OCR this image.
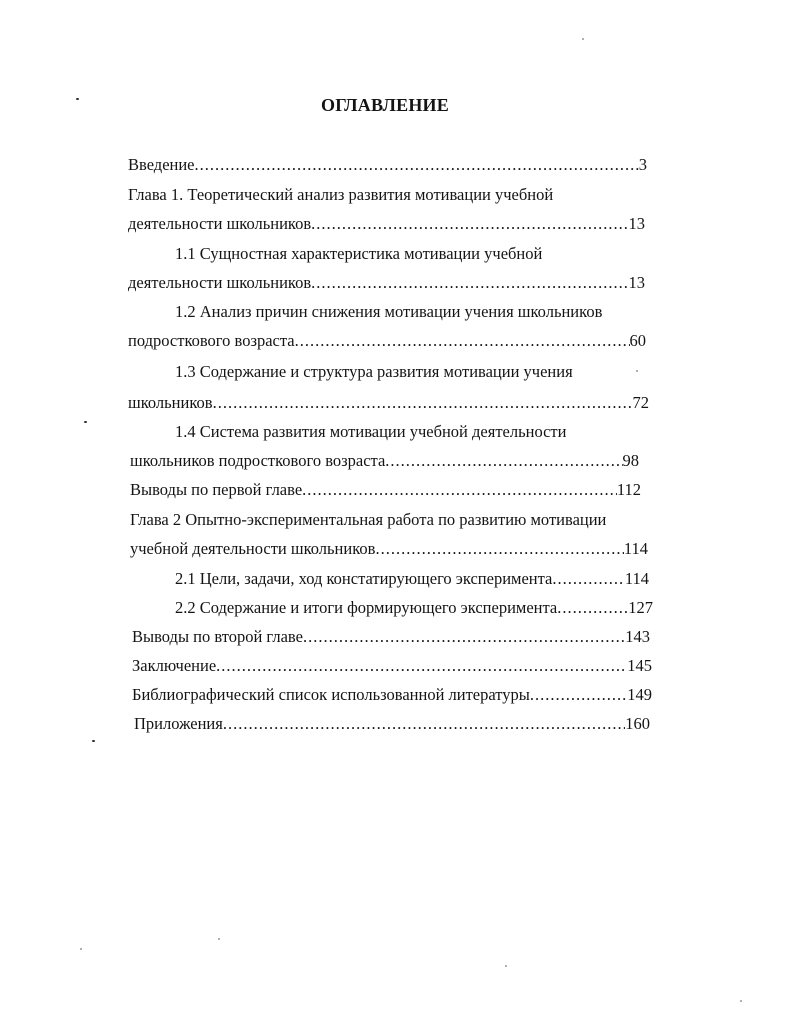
ОГЛАВЛЕНИЕ
Введение .....	3
Глава 1. Теоретический анализ развития мотивации учебной
деятельности школьников .....	13
1.1 Сущностная характеристика мотивации учебной
деятельности школьников .....	13
1.2 Анализ причин снижения мотивации учения школьников
подросткового возраста .....	60
1.3 Содержание и структура развития мотивации учения
школьников .....	72
1.4 Система развития мотивации учебной деятельности
школьников подросткового возраста .....	98
Выводы по первой главе .....	112
Глава 2 Опытно-экспериментальная работа по развитию мотивации
учебной деятельности школьников .....	114
2.1 Цели, задачи, ход констатирующего эксперимента .....	114
2.2 Содержание и итоги формирующего эксперимента .....	127
Выводы по второй главе .....	143
Заключение .....	145
Библиографический список использованной литературы .....	149
Приложения .....	160
